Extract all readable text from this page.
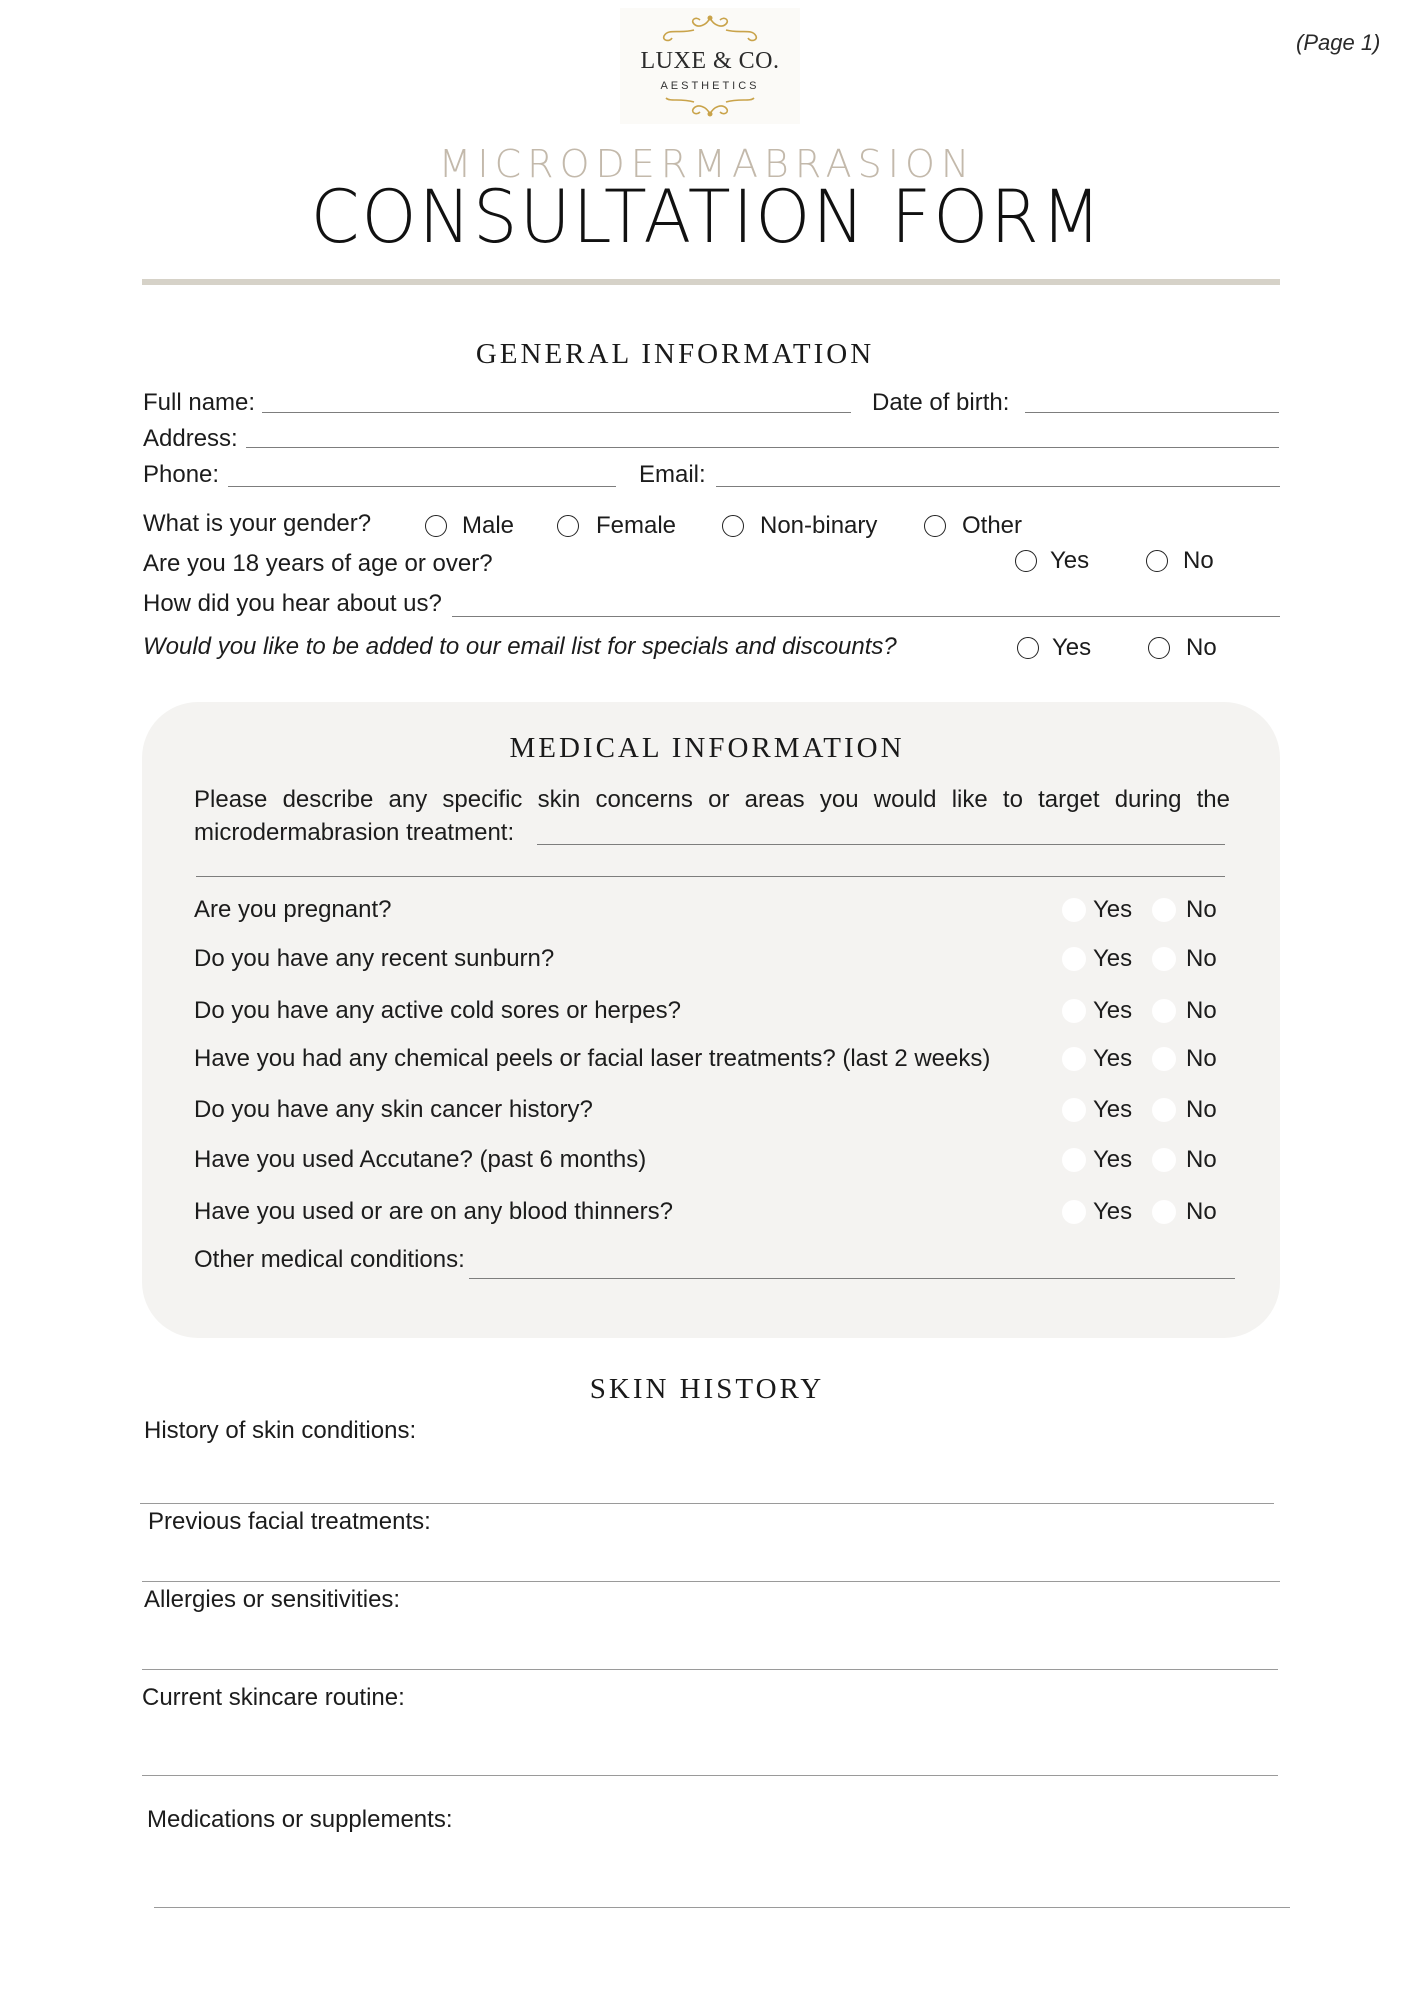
(Page 1)
LUXE & CO.
AESTHETICS
MICRODERMABRASION
CONSULTATION FORM
GENERAL INFORMATION
Full name:	Date of birth:
Address:
Phone:	Email:
What is your gender?	Male	Female	Non-binary	Other
Are you 18 years of age or over?	Yes	No
How did you hear about us?
Would you like to be added to our email list for specials and discounts?	Yes	No
MEDICAL INFORMATION
Please describe any specific skin concerns or areas you would like to target during the
microdermabrasion treatment:
Are you pregnant?	Yes No
Do you have any recent sunburn?	Yes No
Do you have any active cold sores or herpes?	Yes No
Have you had any chemical peels or facial laser treatments? (last 2 weeks)	Yes No
Do you have any skin cancer history?	Yes No
Have you used Accutane? (past 6 months)	Yes No
Have you used or are on any blood thinners?	Yes No
Other medical conditions:
SKIN HISTORY
History of skin conditions:
Previous facial treatments:
Allergies or sensitivities:
Current skincare routine:
Medications or supplements:
